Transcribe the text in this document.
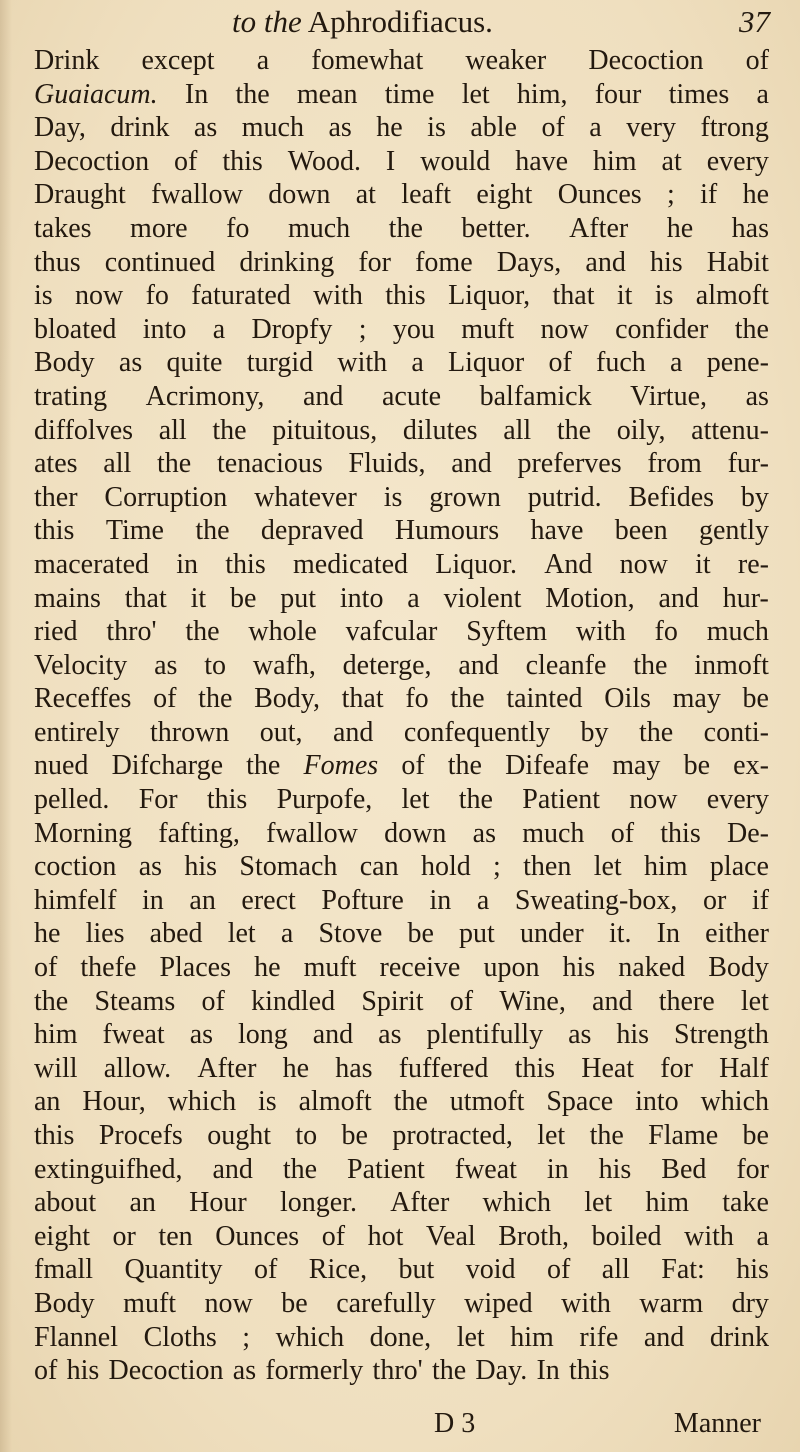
to the Aphrodifiacus.	37
Drink except a fomewhat weaker Decoction of
Guaiacum. In the mean time let him, four times a
Day, drink as much as he is able of a very ftrong
Decoction of this Wood. I would have him at every
Draught fwallow down at leaft eight Ounces ; if he
takes more fo much the better. After he has
thus continued drinking for fome Days, and his Habit
is now fo faturated with this Liquor, that it is almoft
bloated into a Dropfy ; you muft now confider the
Body as quite turgid with a Liquor of fuch a pene-
trating Acrimony, and acute balfamick Virtue, as
diffolves all the pituitous, dilutes all the oily, attenu-
ates all the tenacious Fluids, and preferves from fur-
ther Corruption whatever is grown putrid. Befides by
this Time the depraved Humours have been gently
macerated in this medicated Liquor. And now it re-
mains that it be put into a violent Motion, and hur-
ried thro' the whole vafcular Syftem with fo much
Velocity as to wafh, deterge, and cleanfe the inmoft
Receffes of the Body, that fo the tainted Oils may be
entirely thrown out, and confequently by the conti-
nued Difcharge the Fomes of the Difeafe may be ex-
pelled. For this Purpofe, let the Patient now every
Morning fafting, fwallow down as much of this De-
coction as his Stomach can hold ; then let him place
himfelf in an erect Pofture in a Sweating-box, or if
he lies abed let a Stove be put under it. In either
of thefe Places he muft receive upon his naked Body
the Steams of kindled Spirit of Wine, and there let
him fweat as long and as plentifully as his Strength
will allow. After he has fuffered this Heat for Half
an Hour, which is almoft the utmoft Space into which
this Procefs ought to be protracted, let the Flame be
extinguifhed, and the Patient fweat in his Bed for
about an Hour longer. After which let him take
eight or ten Ounces of hot Veal Broth, boiled with a
fmall Quantity of Rice, but void of all Fat: his
Body muft now be carefully wiped with warm dry
Flannel Cloths ; which done, let him rife and drink
of his Decoction as formerly thro' the Day. In this
D 3	Manner
